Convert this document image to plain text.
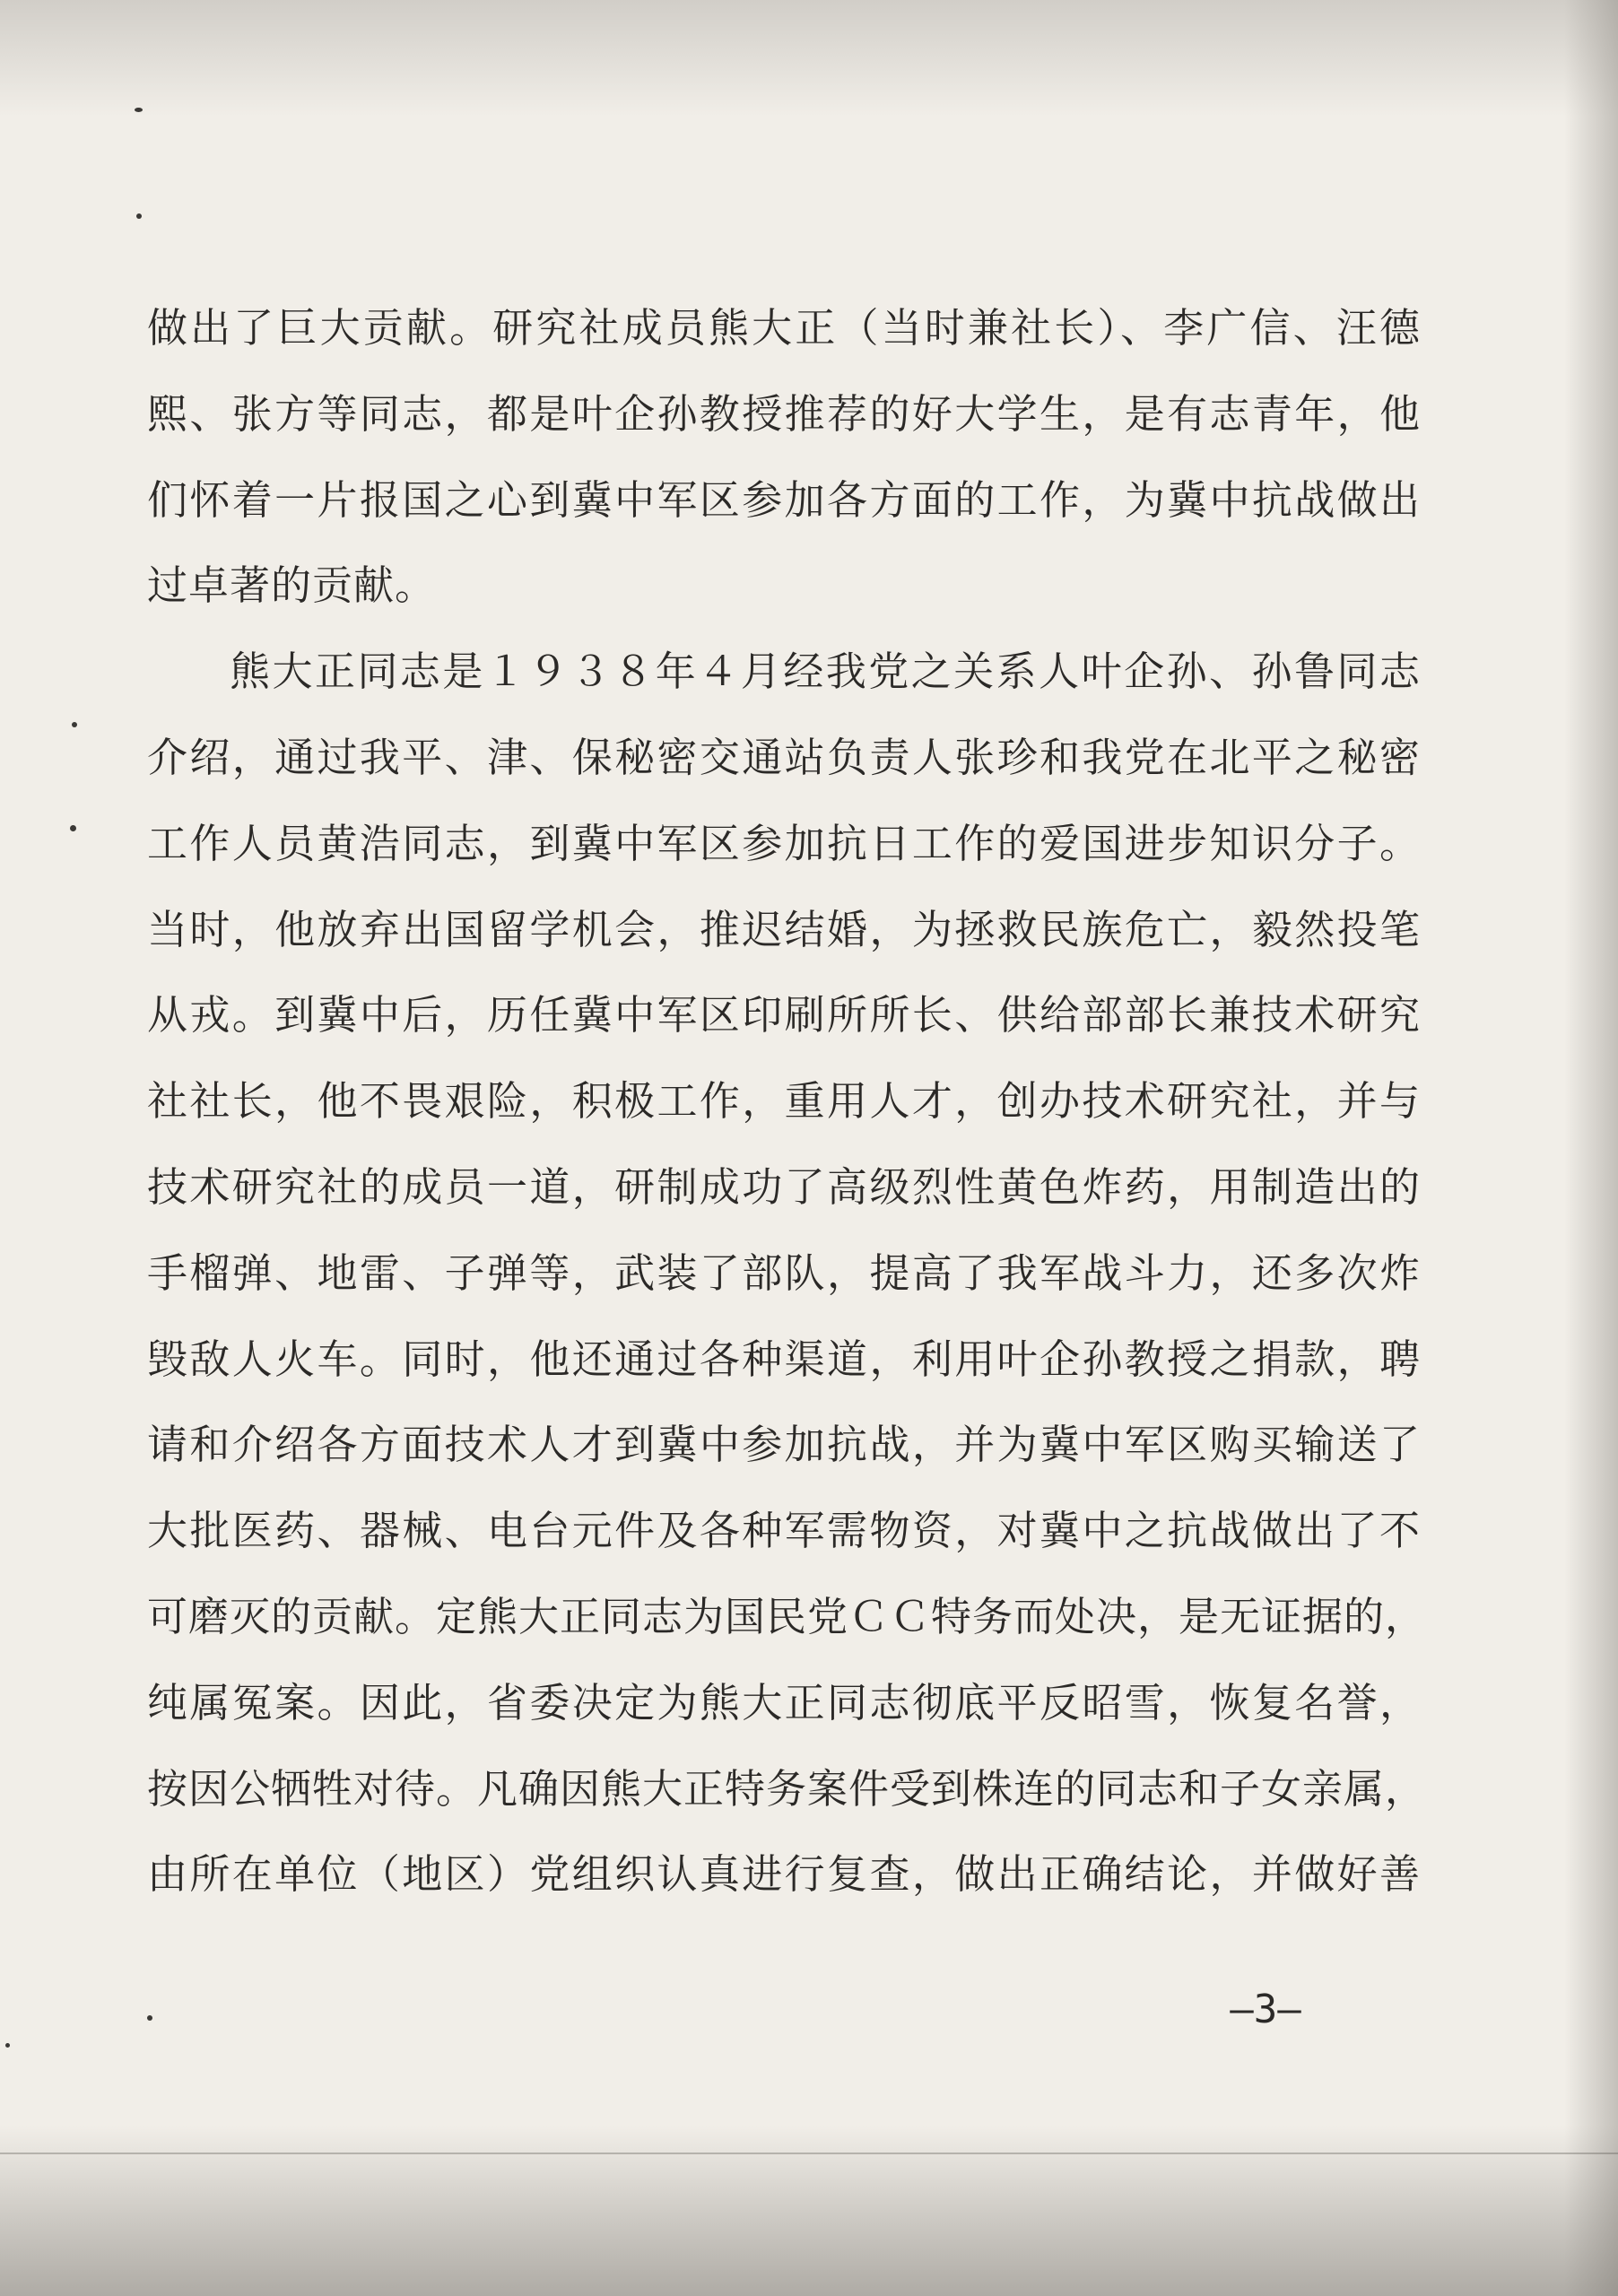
做出了巨大贡献。研究社成员熊大正（当时兼社长）、李广信、汪德
熙、张方等同志，都是叶企孙教授推荐的好大学生，是有志青年，他
们怀着一片报国之心到冀中军区参加各方面的工作，为冀中抗战做出
过卓著的贡献。
熊大正同志是１９３８年４月经我党之关系人叶企孙、孙鲁同志
介绍，通过我平、津、保秘密交通站负责人张珍和我党在北平之秘密
工作人员黄浩同志，到冀中军区参加抗日工作的爱国进步知识分子。
当时，他放弃出国留学机会，推迟结婚，为拯救民族危亡，毅然投笔
从戎。到冀中后，历任冀中军区印刷所所长、供给部部长兼技术研究
社社长，他不畏艰险，积极工作，重用人才，创办技术研究社，并与
技术研究社的成员一道，研制成功了高级烈性黄色炸药，用制造出的
手榴弹、地雷、子弹等，武装了部队，提高了我军战斗力，还多次炸
毁敌人火车。同时，他还通过各种渠道，利用叶企孙教授之捐款，聘
请和介绍各方面技术人才到冀中参加抗战，并为冀中军区购买输送了
大批医药、器械、电台元件及各种军需物资，对冀中之抗战做出了不
可磨灭的贡献。定熊大正同志为国民党ＣＣ特务而处决，是无证据的，
纯属冤案。因此，省委决定为熊大正同志彻底平反昭雪，恢复名誉，
按因公牺牲对待。凡确因熊大正特务案件受到株连的同志和子女亲属，
由所在单位（地区）党组织认真进行复查，做出正确结论，并做好善
—3—
